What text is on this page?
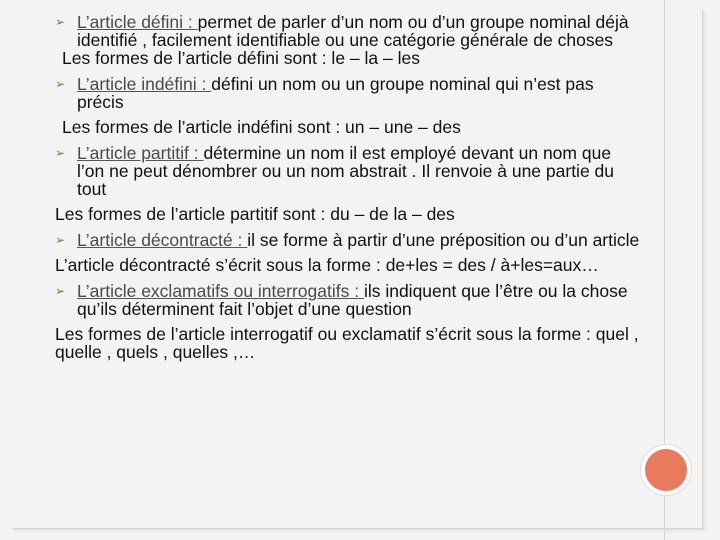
➢ L’article défini : permet de parler d’un nom ou d’un groupe nominal déjà identifié , facilement identifiable ou une catégorie générale de choses
Les formes de l’article défini sont : le – la – les
➢ L’article indéfini : défini un nom ou un groupe nominal qui n’est pas précis
Les formes de l’article indéfini sont : un – une – des
➢ L’article partitif : détermine un nom il est employé devant un nom que l’on ne peut dénombrer ou un nom abstrait . Il renvoie à une partie du tout
Les formes de l’article partitif sont : du – de la – des
➢ L’article décontracté : il se forme à partir d’une préposition ou d’un article
L’article décontracté s’écrit sous la forme : de+les = des / à+les=aux…
➢ L’article exclamatifs ou interrogatifs : ils indiquent que l’être ou la chose qu’ils déterminent fait l’objet d’une question
Les formes de l’article interrogatif ou exclamatif s’écrit sous la forme : quel , quelle , quels , quelles ,…
